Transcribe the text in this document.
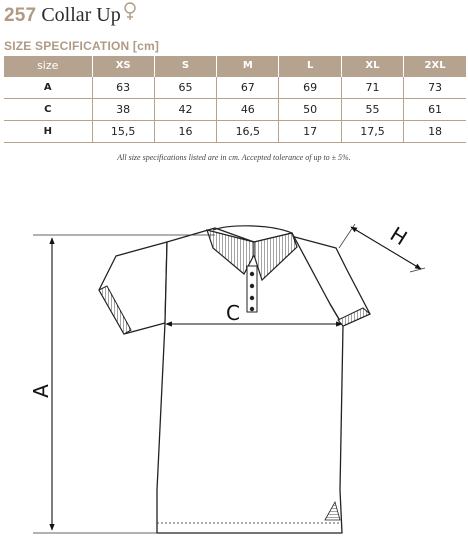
257 Collar Up
SIZE SPECIFICATION [cm]
size	XS	S	M	L	XL	2XL
A	63	65	67	69	71	73
C	38	42	46	50	55	61
H	15,5	16	16,5	17	17,5	18
All size specifications listed are in cm. Accepted tolerance of up to ± 5%.
A
C
H
